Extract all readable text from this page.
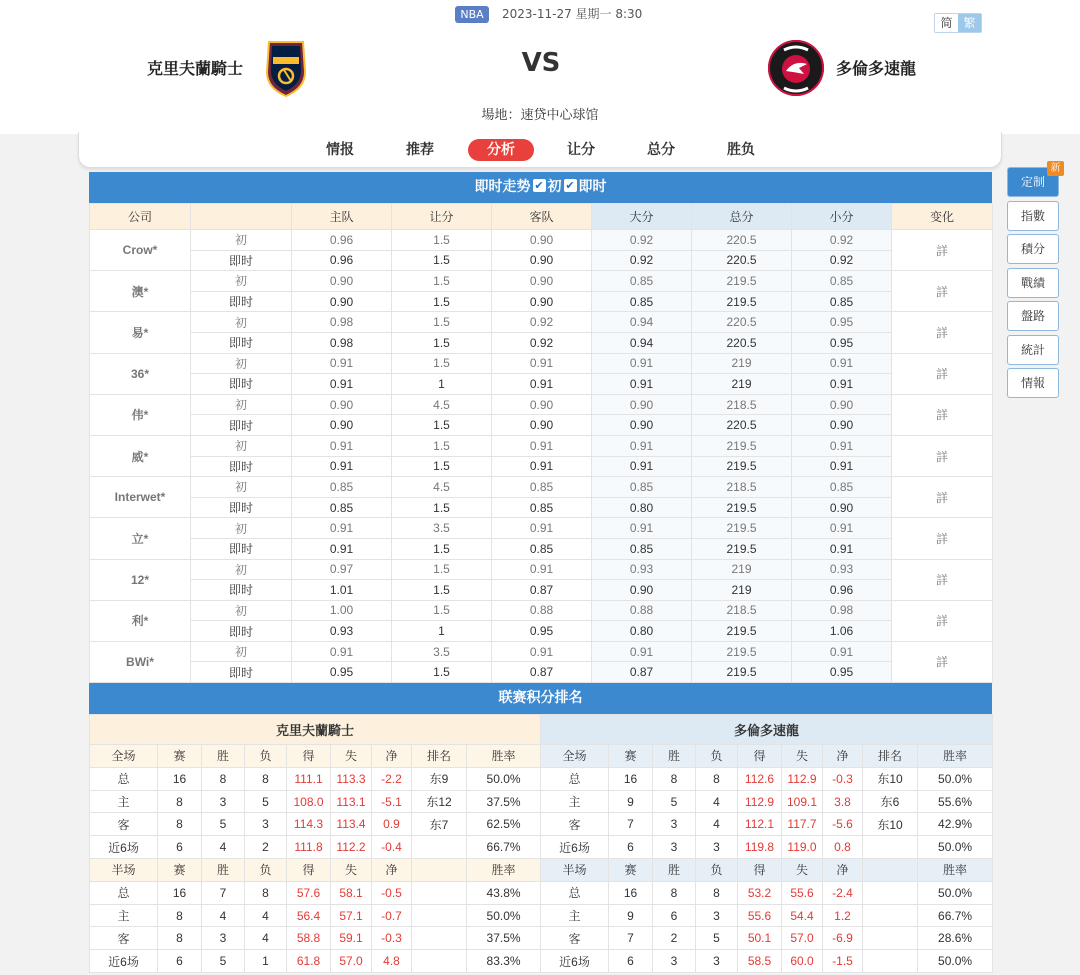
NBA	2023-11-27 星期一 8:30
简 繁
克里夫蘭騎士	VS	多倫多速龍
場地：速贷中心球馆
情报	推荐	分析	让分	总分	胜负
即时走势 ✔ 初 ✔ 即时
公司		主队	让分	客队	大分	总分	小分	变化
Crow*	初	0.96	1.5	0.90	0.92	220.5	0.92	詳
	即时	0.96	1.5	0.90	0.92	220.5	0.92	
澳*	初	0.90	1.5	0.90	0.85	219.5	0.85	詳
	即时	0.90	1.5	0.90	0.85	219.5	0.85	
易*	初	0.98	1.5	0.92	0.94	220.5	0.95	詳
	即时	0.98	1.5	0.92	0.94	220.5	0.95	
36*	初	0.91	1.5	0.91	0.91	219	0.91	詳
	即时	0.91	1	0.91	0.91	219	0.91	
伟*	初	0.90	4.5	0.90	0.90	218.5	0.90	詳
	即时	0.90	1.5	0.90	0.90	220.5	0.90	
威*	初	0.91	1.5	0.91	0.91	219.5	0.91	詳
	即时	0.91	1.5	0.91	0.91	219.5	0.91	
Interwet*	初	0.85	4.5	0.85	0.85	218.5	0.85	詳
	即时	0.85	1.5	0.85	0.80	219.5	0.90	
立*	初	0.91	3.5	0.91	0.91	219.5	0.91	詳
	即时	0.91	1.5	0.85	0.85	219.5	0.91	
12*	初	0.97	1.5	0.91	0.93	219	0.93	詳
	即时	1.01	1.5	0.87	0.90	219	0.96	
利*	初	1.00	1.5	0.88	0.88	218.5	0.98	詳
	即时	0.93	1	0.95	0.80	219.5	1.06	
BWi*	初	0.91	3.5	0.91	0.91	219.5	0.91	詳
	即时	0.95	1.5	0.87	0.87	219.5	0.95	
联赛积分排名
克里夫蘭騎士								
全场	赛	胜	负	得	失	净	排名	胜率
总	16	8	8	111.1	113.3	-2.2	东9	50.0%
主	8	3	5	108.0	113.1	-5.1	东12	37.5%
客	8	5	3	114.3	113.4	0.9	东7	62.5%
近6场	6	4	2	111.8	112.2	-0.4		66.7%
半场	赛	胜	负	得	失	净		胜率
总	16	7	8	57.6	58.1	-0.5		43.8%
主	8	4	4	56.4	57.1	-0.7		50.0%
客	8	3	4	58.8	59.1	-0.3		37.5%
近6场	6	5	1	61.8	57.0	4.8		83.3%
多倫多速龍								
全场	赛	胜	负	得	失	净	排名	胜率
总	16	8	8	112.6	112.9	-0.3	东10	50.0%
主	9	5	4	112.9	109.1	3.8	东6	55.6%
客	7	3	4	112.1	117.7	-5.6	东10	42.9%
近6场	6	3	3	119.8	119.0	0.8		50.0%
半场	赛	胜	负	得	失	净		胜率
总	16	8	8	53.2	55.6	-2.4		50.0%
主	9	6	3	55.6	54.4	1.2		66.7%
客	7	2	5	50.1	57.0	-6.9		28.6%
近6场	6	3	3	58.5	60.0	-1.5		50.0%
定制
指數
積分
戰績
盤路
統計
情報
新
